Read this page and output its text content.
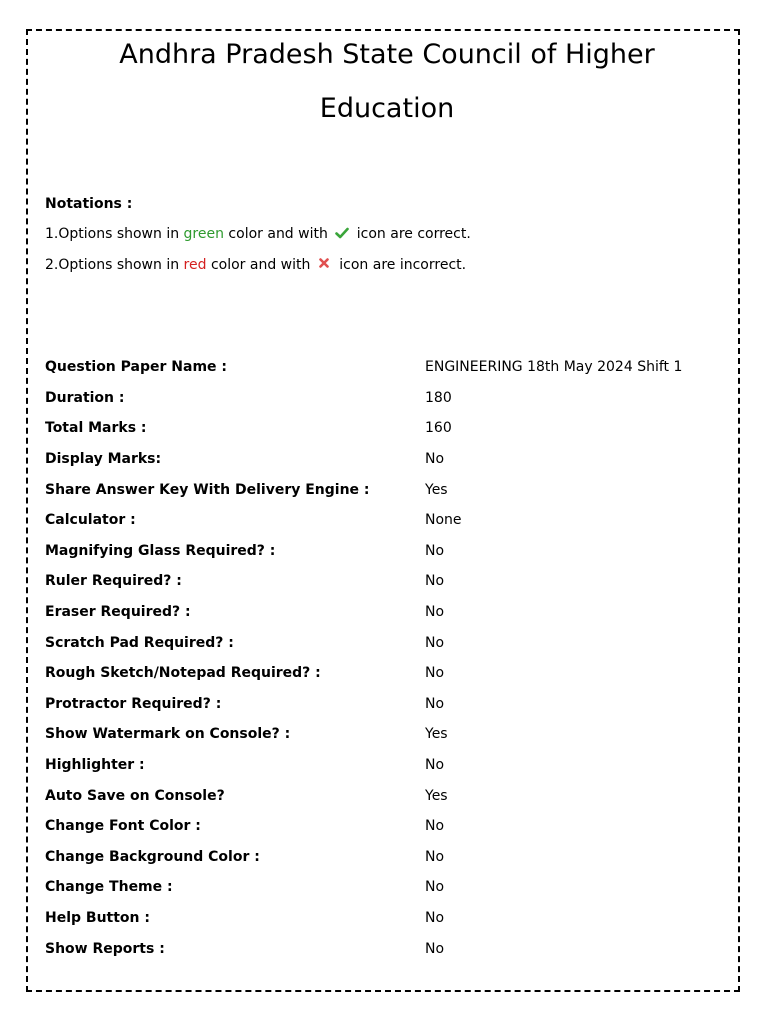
Andhra Pradesh State Council of Higher
Education
Notations :
1.Options shown in green color and with  icon are correct.
2.Options shown in red color and with  icon are incorrect.
Question Paper Name :	ENGINEERING 18th May 2024 Shift 1
Duration :	180
Total Marks :	160
Display Marks:	No
Share Answer Key With Delivery Engine :	Yes
Calculator :	None
Magnifying Glass Required? :	No
Ruler Required? :	No
Eraser Required? :	No
Scratch Pad Required? :	No
Rough Sketch/Notepad Required? :	No
Protractor Required? :	No
Show Watermark on Console? :	Yes
Highlighter :	No
Auto Save on Console?	Yes
Change Font Color :	No
Change Background Color :	No
Change Theme :	No
Help Button :	No
Show Reports :	No
